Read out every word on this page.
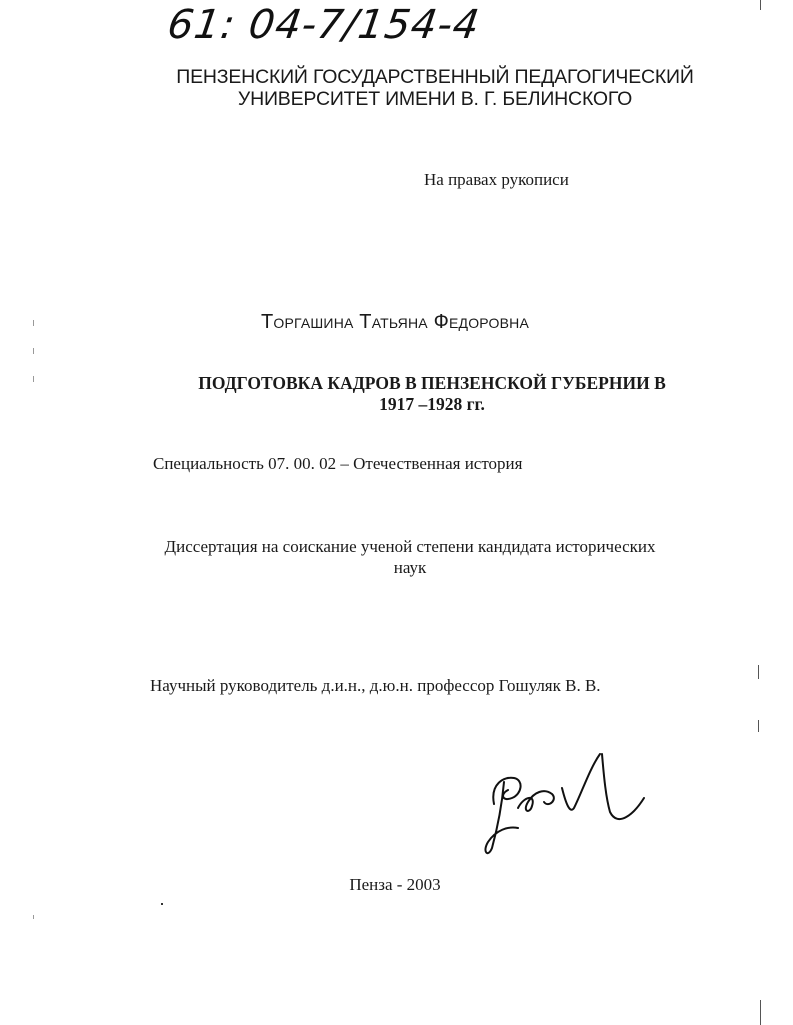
61: 04-7/154-4
ПЕНЗЕНСКИЙ ГОСУДАРСТВЕННЫЙ ПЕДАГОГИЧЕСКИЙ
УНИВЕРСИТЕТ ИМЕНИ В. Г. БЕЛИНСКОГО
На правах рукописи
Торгашина Татьяна Федоровна
ПОДГОТОВКА КАДРОВ В ПЕНЗЕНСКОЙ ГУБЕРНИИ В
1917 –1928 гг.
Специальность 07. 00. 02 – Отечественная история
Диссертация на соискание ученой степени кандидата исторических
наук
Научный руководитель д.и.н., д.ю.н. профессор Гошуляк В. В.
Пенза - 2003
